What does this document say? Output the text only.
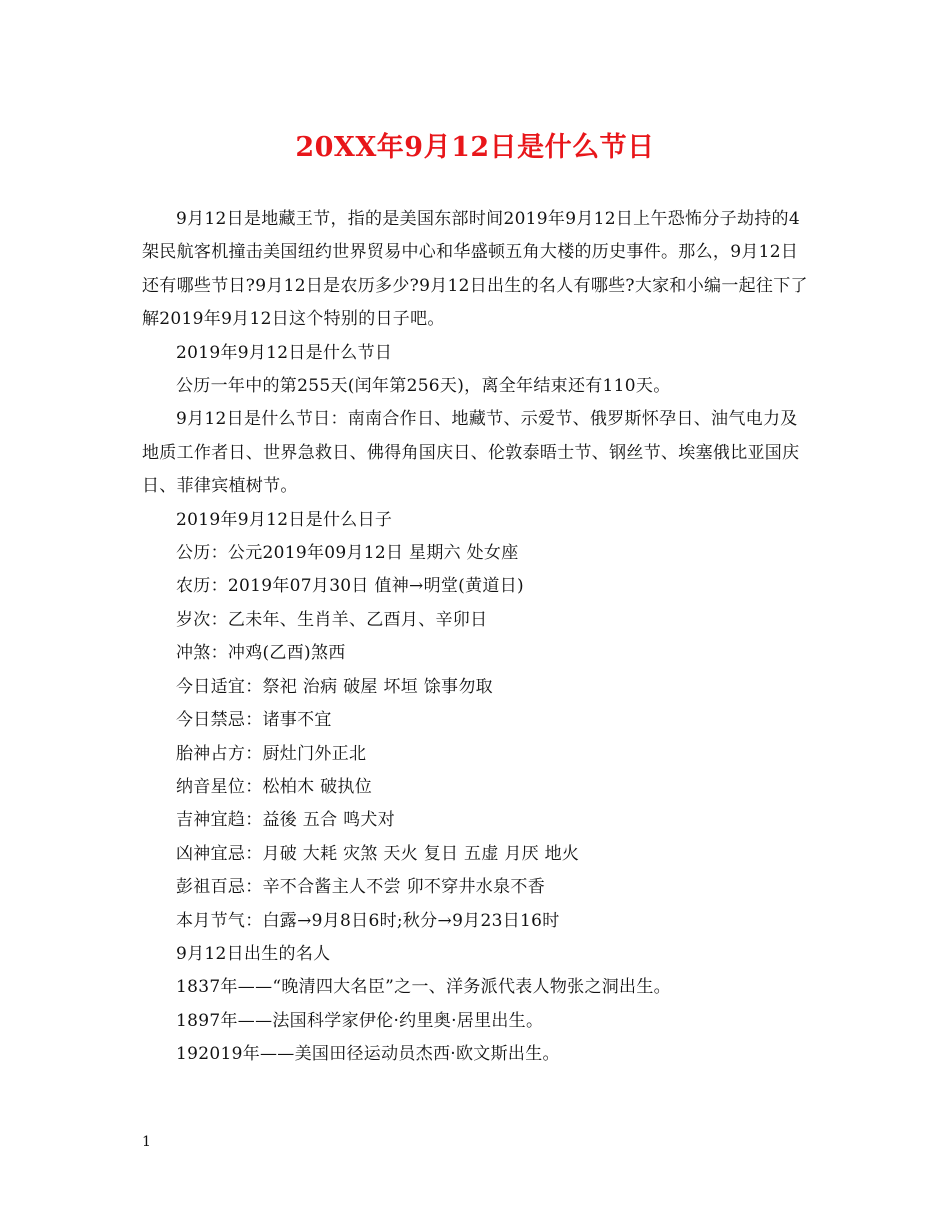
20XX年9月12日是什么节日

9月12日是地藏王节，指的是美国东部时间2019年9月12日上午恐怖分子劫持的4架民航客机撞击美国纽约世界贸易中心和华盛顿五角大楼的历史事件。那么，9月12日还有哪些节日?9月12日是农历多少?9月12日出生的名人有哪些?大家和小编一起往下了解2019年9月12日这个特别的日子吧。

2019年9月12日是什么节日

公历一年中的第255天(闰年第256天)，离全年结束还有110天。

9月12日是什么节日：南南合作日、地藏节、示爱节、俄罗斯怀孕日、油气电力及地质工作者日、世界急救日、佛得角国庆日、伦敦泰晤士节、钢丝节、埃塞俄比亚国庆日、菲律宾植树节。

2019年9月12日是什么日子

公历：公元2019年09月12日 星期六 处女座

农历：2019年07月30日 值神→明堂(黄道日)

岁次：乙未年、生肖羊、乙酉月、辛卯日

冲煞：冲鸡(乙酉)煞西

今日适宜：祭祀 治病 破屋 坏垣 馀事勿取

今日禁忌：诸事不宜

胎神占方：厨灶门外正北

纳音星位：松柏木 破执位

吉神宜趋：益後 五合 鸣犬对

凶神宜忌：月破 大耗 灾煞 天火 复日 五虚 月厌 地火

彭祖百忌：辛不合酱主人不尝 卯不穿井水泉不香

本月节气：白露→9月8日6时;秋分→9月23日16时

9月12日出生的名人

1837年——“晚清四大名臣”之一、洋务派代表人物张之洞出生。

1897年——法国科学家伊伦·约里奥·居里出生。

192019年——美国田径运动员杰西·欧文斯出生。

1
